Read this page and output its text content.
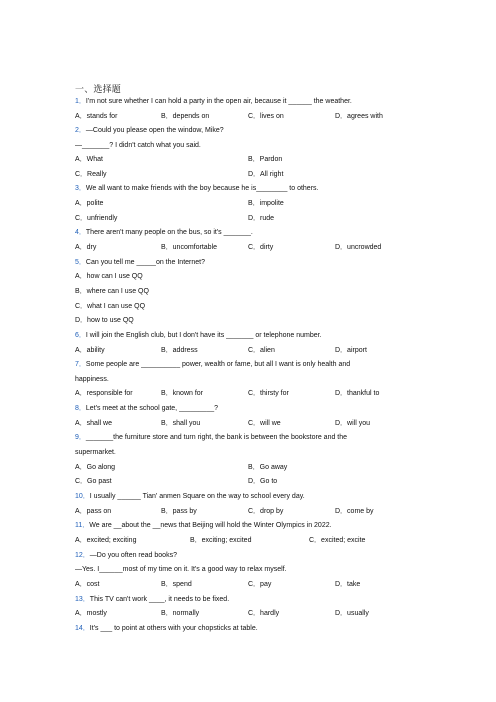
一、选择题
1．I'm not sure whether I can hold a party in the open air, because it ______ the weather.
A．stands for	B．depends on	C．lives on	D．agrees with
2．—Could you please open the window, Mike?
—_______? I didn't catch what you said.
A．What	B．Pardon
C．Really	D．All right
3．We all want to make friends with the boy because he is________ to others.
A．polite	B．impolite
C．unfriendly	D．rude
4．There aren't many people on the bus, so it's _______.
A．dry	B．uncomfortable	C．dirty	D．uncrowded
5．Can you tell me _____on the Internet?
A．how can I use QQ
B．where can I use QQ
C．what I can use QQ
D．how to use QQ
6．I will join the English club, but I don't have its _______ or telephone number.
A．ability	B．address	C．alien	D．airport
7．Some people are __________ power, wealth or fame, but all I want is only health and
happiness.
A．responsible for	B．known for	C．thirsty for	D．thankful to
8．Let's meet at the school gate, _________?
A．shall we	B．shall you	C．will we	D．will you
9．_______the furniture store and turn right, the bank is between the bookstore and the
supermarket.
A．Go along	B．Go away
C．Go past	D．Go to
10．I usually ______ Tian' anmen Square on the way to school every day.
A．pass on	B．pass by	C．drop by	D．come by
11．We are __about the __news that Beijing will hold the Winter Olympics in 2022.
A．excited; exciting	B．exciting; excited	C．excited; excite
12．—Do you often read books?
—Yes. I______most of my time on it. It's a good way to relax myself.
A．cost	B．spend	C．pay	D．take
13．This TV can't work ____, it needs to be fixed.
A．mostly	B．normally	C．hardly	D．usually
14．It's ___ to point at others with your chopsticks at table.
